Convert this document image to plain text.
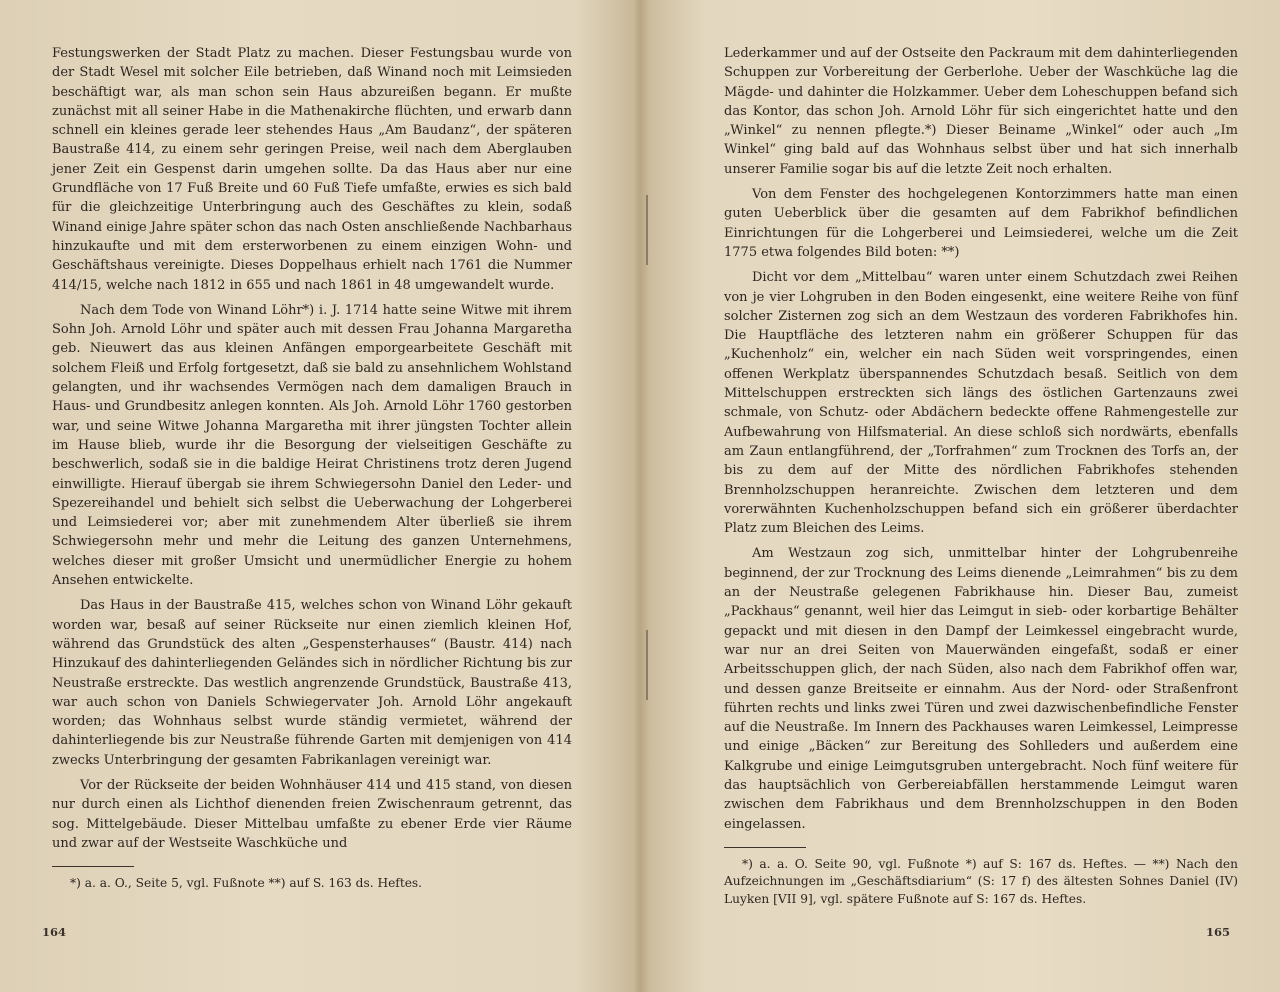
Festungswerken der Stadt Platz zu machen. Dieser Festungsbau wurde von der Stadt Wesel mit solcher Eile betrieben, daß Winand noch mit Leimsieden beschäftigt war, als man schon sein Haus abzureißen begann. Er mußte zunächst mit all seiner Habe in die Mathenakirche flüchten, und erwarb dann schnell ein kleines gerade leer stehendes Haus „Am Baudanz“, der späteren Baustraße 414, zu einem sehr geringen Preise, weil nach dem Aberglauben jener Zeit ein Gespenst darin umgehen sollte. Da das Haus aber nur eine Grundfläche von 17 Fuß Breite und 60 Fuß Tiefe umfaßte, erwies es sich bald für die gleichzeitige Unterbringung auch des Geschäftes zu klein, sodaß Winand einige Jahre später schon das nach Osten anschließende Nachbarhaus hinzukaufte und mit dem ersterworbenen zu einem einzigen Wohn- und Geschäftshaus vereinigte. Dieses Doppelhaus erhielt nach 1761 die Nummer 414/15, welche nach 1812 in 655 und nach 1861 in 48 umgewandelt wurde.

Nach dem Tode von Winand Löhr*) i. J. 1714 hatte seine Witwe mit ihrem Sohn Joh. Arnold Löhr und später auch mit dessen Frau Johanna Margaretha geb. Nieuwert das aus kleinen Anfängen emporgearbeitete Geschäft mit solchem Fleiß und Erfolg fortgesetzt, daß sie bald zu ansehnlichem Wohlstand gelangten, und ihr wachsendes Vermögen nach dem damaligen Brauch in Haus- und Grundbesitz anlegen konnten. Als Joh. Arnold Löhr 1760 gestorben war, und seine Witwe Johanna Margaretha mit ihrer jüngsten Tochter allein im Hause blieb, wurde ihr die Besorgung der vielseitigen Geschäfte zu beschwerlich, sodaß sie in die baldige Heirat Christinens trotz deren Jugend einwilligte. Hierauf übergab sie ihrem Schwiegersohn Daniel den Leder- und Spezereihandel und behielt sich selbst die Ueberwachung der Lohgerberei und Leimsiederei vor; aber mit zunehmendem Alter überließ sie ihrem Schwiegersohn mehr und mehr die Leitung des ganzen Unternehmens, welches dieser mit großer Umsicht und unermüdlicher Energie zu hohem Ansehen entwickelte.

Das Haus in der Baustraße 415, welches schon von Winand Löhr gekauft worden war, besaß auf seiner Rückseite nur einen ziemlich kleinen Hof, während das Grundstück des alten „Gespensterhauses“ (Baustr. 414) nach Hinzukauf des dahinterliegenden Geländes sich in nördlicher Richtung bis zur Neustraße erstreckte. Das westlich angrenzende Grundstück, Baustraße 413, war auch schon von Daniels Schwiegervater Joh. Arnold Löhr angekauft worden; das Wohnhaus selbst wurde ständig vermietet, während der dahinterliegende bis zur Neustraße führende Garten mit demjenigen von 414 zwecks Unterbringung der gesamten Fabrikanlagen vereinigt war.

Vor der Rückseite der beiden Wohnhäuser 414 und 415 stand, von diesen nur durch einen als Lichthof dienenden freien Zwischenraum getrennt, das sog. Mittelgebäude. Dieser Mittelbau umfaßte zu ebener Erde vier Räume und zwar auf der Westseite Waschküche und

*) a. a. O., Seite 5, vgl. Fußnote **) auf S. 163 ds. Heftes.

164

Lederkammer und auf der Ostseite den Packraum mit dem dahinterliegenden Schuppen zur Vorbereitung der Gerberlohe. Ueber der Waschküche lag die Mägde- und dahinter die Holzkammer. Ueber dem Loheschuppen befand sich das Kontor, das schon Joh. Arnold Löhr für sich eingerichtet hatte und den „Winkel“ zu nennen pflegte.*) Dieser Beiname „Winkel“ oder auch „Im Winkel“ ging bald auf das Wohnhaus selbst über und hat sich innerhalb unserer Familie sogar bis auf die letzte Zeit noch erhalten.

Von dem Fenster des hochgelegenen Kontorzimmers hatte man einen guten Ueberblick über die gesamten auf dem Fabrikhof befindlichen Einrichtungen für die Lohgerberei und Leimsiederei, welche um die Zeit 1775 etwa folgendes Bild boten: **)

Dicht vor dem „Mittelbau“ waren unter einem Schutzdach zwei Reihen von je vier Lohgruben in den Boden eingesenkt, eine weitere Reihe von fünf solcher Zisternen zog sich an dem Westzaun des vorderen Fabrikhofes hin. Die Hauptfläche des letzteren nahm ein größerer Schuppen für das „Kuchenholz“ ein, welcher ein nach Süden weit vorspringendes, einen offenen Werkplatz überspannendes Schutzdach besaß. Seitlich von dem Mittelschuppen erstreckten sich längs des östlichen Gartenzauns zwei schmale, von Schutz- oder Abdächern bedeckte offene Rahmengestelle zur Aufbewahrung von Hilfsmaterial. An diese schloß sich nordwärts, ebenfalls am Zaun entlangführend, der „Torfrahmen“ zum Trocknen des Torfs an, der bis zu dem auf der Mitte des nördlichen Fabrikhofes stehenden Brennholzschuppen heranreichte. Zwischen dem letzteren und dem vorerwähnten Kuchenholzschuppen befand sich ein größerer überdachter Platz zum Bleichen des Leims.

Am Westzaun zog sich, unmittelbar hinter der Lohgrubenreihe beginnend, der zur Trocknung des Leims dienende „Leimrahmen“ bis zu dem an der Neustraße gelegenen Fabrikhause hin. Dieser Bau, zumeist „Packhaus“ genannt, weil hier das Leimgut in sieb- oder korbartige Behälter gepackt und mit diesen in den Dampf der Leimkessel eingebracht wurde, war nur an drei Seiten von Mauerwänden eingefaßt, sodaß er einer Arbeitsschuppen glich, der nach Süden, also nach dem Fabrikhof offen war, und dessen ganze Breitseite er einnahm. Aus der Nord- oder Straßenfront führten rechts und links zwei Türen und zwei dazwischenbefindliche Fenster auf die Neustraße. Im Innern des Packhauses waren Leimkessel, Leimpresse und einige „Bäcken“ zur Bereitung des Sohlleders und außerdem eine Kalkgrube und einige Leimgutsgruben untergebracht. Noch fünf weitere für das hauptsächlich von Gerbereiabfällen herstammende Leimgut waren zwischen dem Fabrikhaus und dem Brennholzschuppen in den Boden eingelassen.

*) a. a. O. Seite 90, vgl. Fußnote *) auf S: 167 ds. Heftes. — **) Nach den Aufzeichnungen im „Geschäftsdiarium“ (S: 17 f) des ältesten Sohnes Daniel (IV) Luyken [VII 9], vgl. spätere Fußnote auf S: 167 ds. Heftes.

165
